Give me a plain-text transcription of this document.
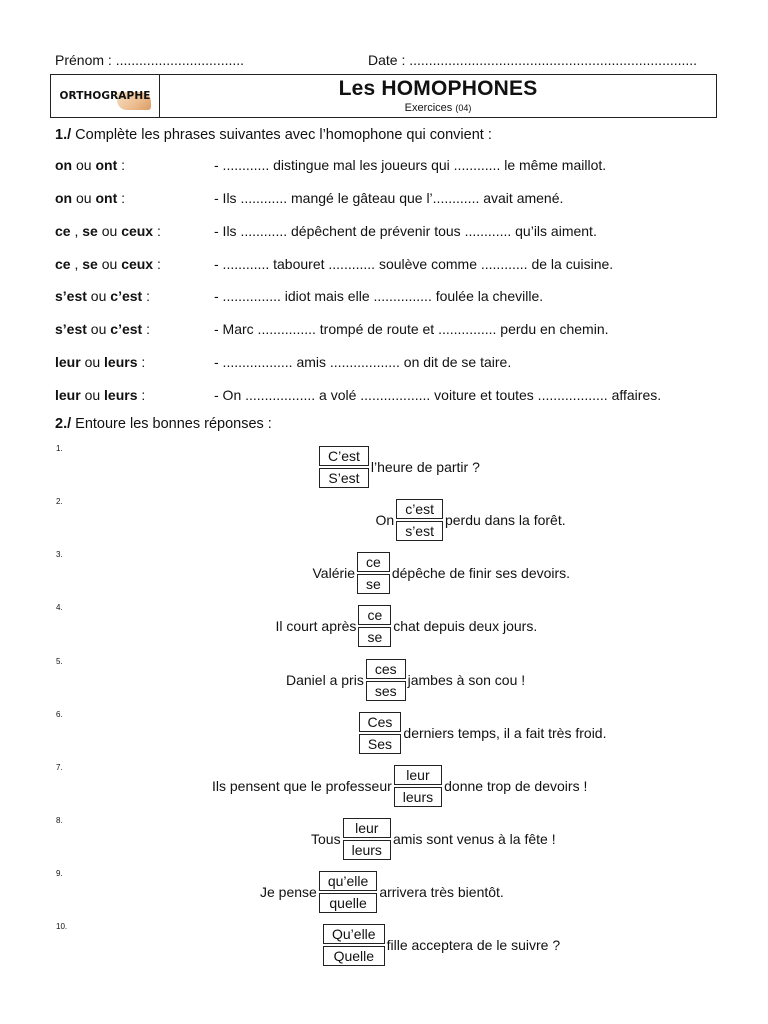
Prénom : .................................	Date : ..........................................................................
ORTHOGRAPHE	Les HOMOPHONES
Exercices (04)
1./ Complète les phrases suivantes avec l’homophone qui convient :
on ou ont :	- ............ distingue mal les joueurs qui ............ le même maillot.
on ou ont :	- Ils ............ mangé le gâteau que l’............ avait amené.
ce , se ou ceux :	- Ils ............ dépêchent de prévenir tous ............ qu’ils aiment.
ce , se ou ceux :	- ............ tabouret ............ soulève comme ............ de la cuisine.
s’est ou c’est :	- ............... idiot mais elle ............... foulée la cheville.
s’est ou c’est :	- Marc ............... trompé de route et ............... perdu en chemin.
leur ou leurs :	- .................. amis .................. on dit de se taire.
leur ou leurs :	- On .................. a volé .................. voiture et toutes .................. affaires.
2./ Entoure les bonnes réponses :
1.	C’est
S’est
l’heure de partir ?
2.
On
c’est
s’est
perdu dans la forêt.
3.
Valérie
ce
se
dépêche de finir ses devoirs.
4.
Il court après
ce
se
chat depuis deux jours.
5.
Daniel a pris
ces
ses
jambes à son cou !
6.	Ces
Ses
derniers temps, il a fait très froid.
7.
Ils pensent que le professeur
leur
leurs
donne trop de devoirs !
8.
Tous
leur
leurs
amis sont venus à la fête !
9.
Je pense
qu’elle
quelle
arrivera très bientôt.
10.	Qu’elle
Quelle
fille acceptera de le suivre ?
